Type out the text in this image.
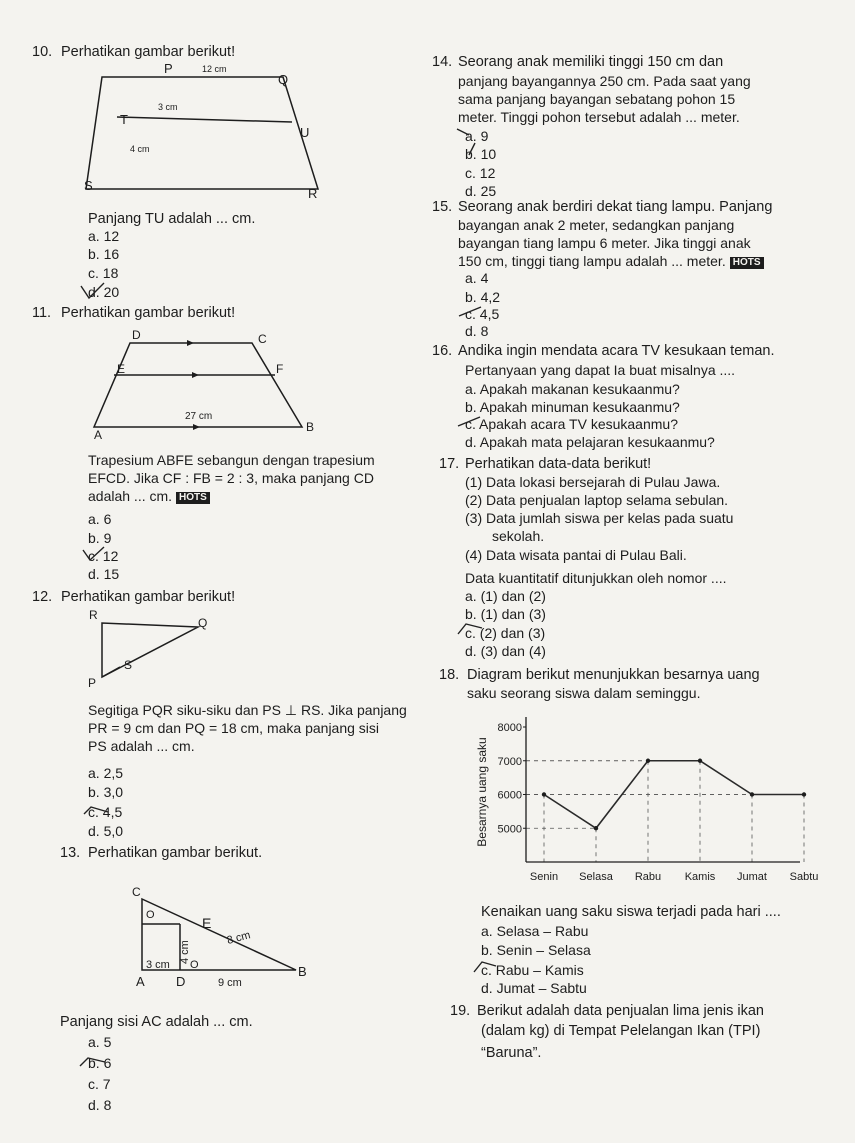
10. Perhatikan gambar berikut!
P
Q
T
U
S
R
12 cm
3 cm
4 cm
Panjang TU adalah ... cm.
a. 12
b. 16
c. 18
d. 20
11. Perhatikan gambar berikut!
D	C
E	F
A
B
27 cm
Trapesium ABFE sebangun dengan trapesium
EFCD. Jika CF : FB = 2 : 3, maka panjang CD
adalah ... cm. HOTS
a. 6
b. 9
c. 12
d. 15
12. Perhatikan gambar berikut!
R
Q
S
P
Segitiga PQR siku-siku dan PS ⊥ RS. Jika panjang
PR = 9 cm dan PQ = 18 cm, maka panjang sisi
PS adalah ... cm.
a. 2,5
b. 3,0
c. 4,5
d. 5,0
13. Perhatikan gambar berikut.
C
O	E
8 cm
4 cm
3 cm O	B
A D	9 cm
Panjang sisi AC adalah ... cm.
a. 5
b. 6
c. 7
d. 8
14. Seorang anak memiliki tinggi 150 cm dan
panjang bayangannya 250 cm. Pada saat yang
sama panjang bayangan sebatang pohon 15
meter. Tinggi pohon tersebut adalah ... meter.
a. 9
b. 10
c. 12
d. 25
15. Seorang anak berdiri dekat tiang lampu. Panjang
bayangan anak 2 meter, sedangkan panjang
bayangan tiang lampu 6 meter. Jika tinggi anak
150 cm, tinggi tiang lampu adalah ... meter. HOTS
a. 4
b. 4,2
c. 4,5
d. 8
16. Andika ingin mendata acara TV kesukaan teman.
Pertanyaan yang dapat Ia buat misalnya ....
a. Apakah makanan kesukaanmu?
b. Apakah minuman kesukaanmu?
c. Apakah acara TV kesukaanmu?
d. Apakah mata pelajaran kesukaanmu?
17. Perhatikan data-data berikut!
(1) Data lokasi bersejarah di Pulau Jawa.
(2) Data penjualan laptop selama sebulan.
(3) Data jumlah siswa per kelas pada suatu
sekolah.
(4) Data wisata pantai di Pulau Bali.
Data kuantitatif ditunjukkan oleh nomor ....
a. (1) dan (2)
b. (1) dan (3)
c. (2) dan (3)
d. (3) dan (4)
18. Diagram berikut menunjukkan besarnya uang
saku seorang siswa dalam seminggu.
Besarnya uang saku 5000
6000
7000
8000
Senin Selasa Rabu Kamis Jumat Sabtu
Kenaikan uang saku siswa terjadi pada hari ....
a. Selasa – Rabu
b. Senin – Selasa
c. Rabu – Kamis
d. Jumat – Sabtu
19. Berikut adalah data penjualan lima jenis ikan
(dalam kg) di Tempat Pelelangan Ikan (TPI)
“Baruna”.
